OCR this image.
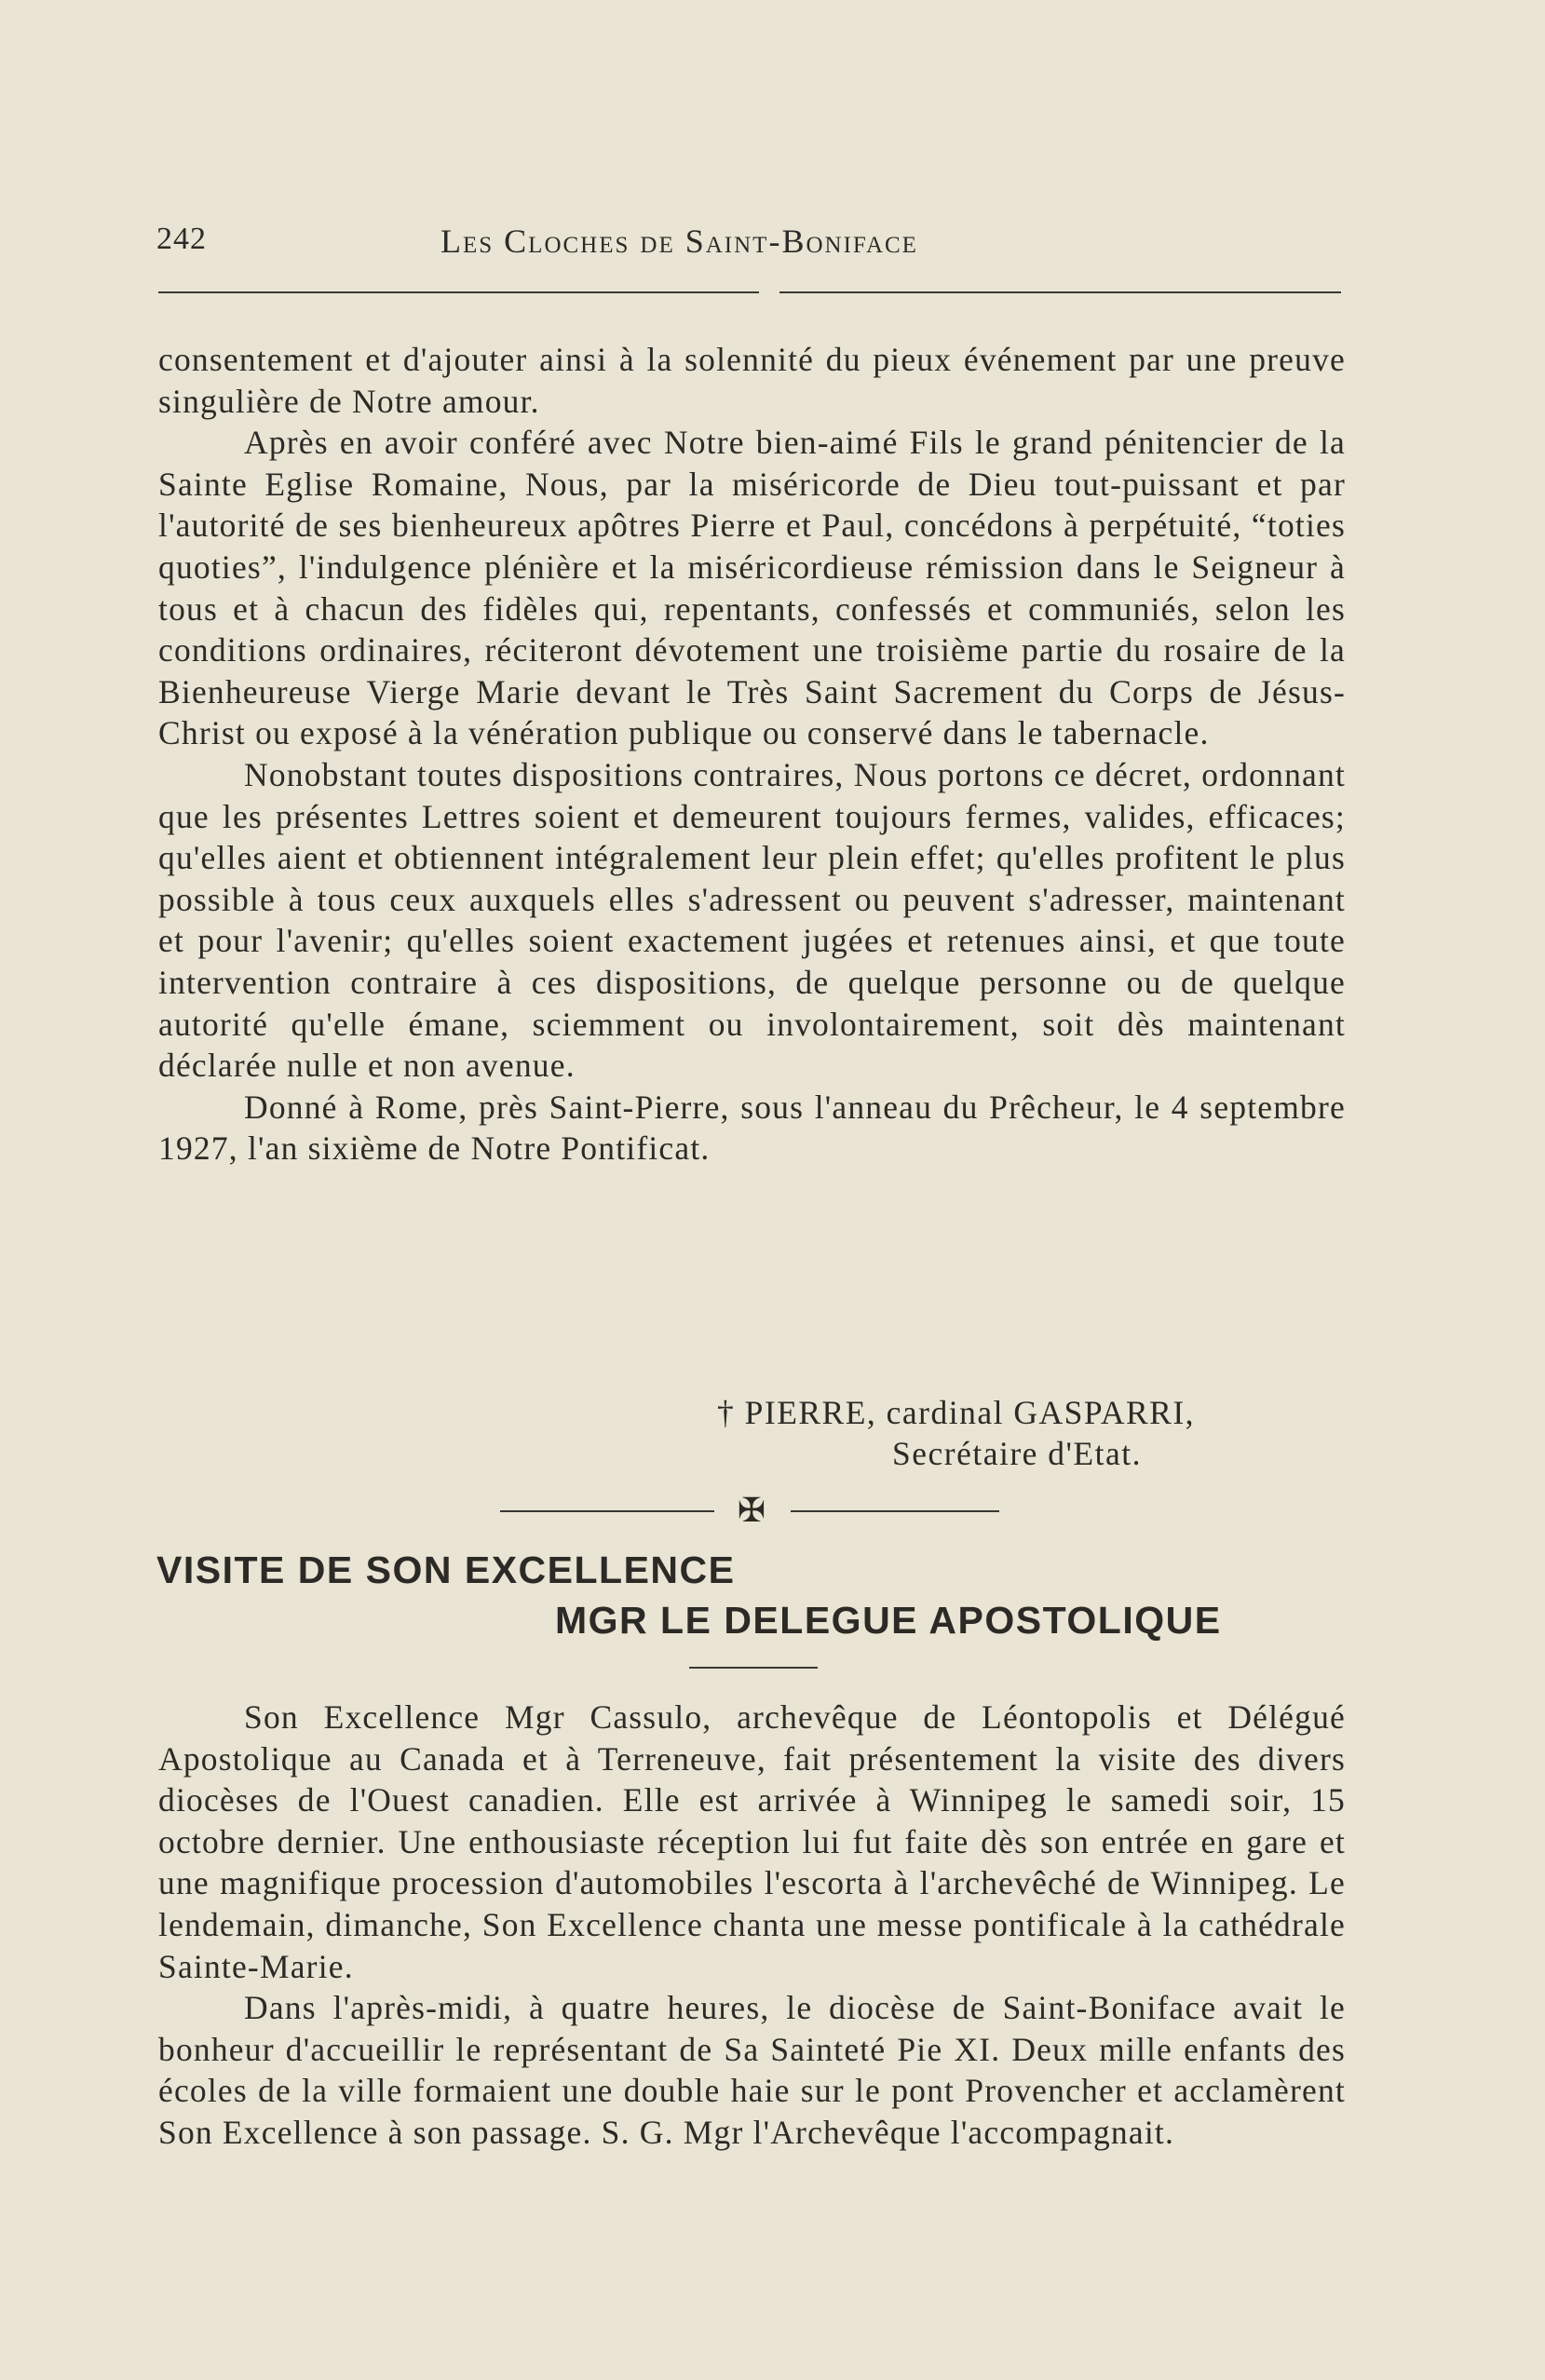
242	Les Cloches de Saint-Boniface

consentement et d'ajouter ainsi à la solennité du pieux événement par une preuve singulière de Notre amour.

Après en avoir conféré avec Notre bien-aimé Fils le grand pénitencier de la Sainte Eglise Romaine, Nous, par la miséricorde de Dieu tout-puissant et par l'autorité de ses bienheureux apôtres Pierre et Paul, concédons à perpétuité, “toties quoties”, l'indulgence plénière et la miséricordieuse rémission dans le Seigneur à tous et à chacun des fidèles qui, repentants, confessés et communiés, selon les conditions ordinaires, réciteront dévotement une troisième partie du rosaire de la Bienheureuse Vierge Marie devant le Très Saint Sacrement du Corps de Jésus-Christ ou exposé à la vénération publique ou conservé dans le tabernacle.

Nonobstant toutes dispositions contraires, Nous portons ce décret, ordonnant que les présentes Lettres soient et demeurent toujours fermes, valides, efficaces; qu'elles aient et obtiennent intégralement leur plein effet; qu'elles profitent le plus possible à tous ceux auxquels elles s'adressent ou peuvent s'adresser, maintenant et pour l'avenir; qu'elles soient exactement jugées et retenues ainsi, et que toute intervention contraire à ces dispositions, de quelque personne ou de quelque autorité qu'elle émane, sciemment ou involontairement, soit dès maintenant déclarée nulle et non avenue.

Donné à Rome, près Saint-Pierre, sous l'anneau du Prêcheur, le 4 septembre 1927, l'an sixième de Notre Pontificat.

† PIERRE, cardinal GASPARRI,
Secrétaire d'Etat.
✠
VISITE DE SON EXCELLENCE
MGR LE DELEGUE APOSTOLIQUE

Son Excellence Mgr Cassulo, archevêque de Léontopolis et Délégué Apostolique au Canada et à Terreneuve, fait présentement la visite des divers diocèses de l'Ouest canadien. Elle est arrivée à Winnipeg le samedi soir, 15 octobre dernier. Une enthousiaste réception lui fut faite dès son entrée en gare et une magnifique procession d'automobiles l'escorta à l'archevêché de Winnipeg. Le lendemain, dimanche, Son Excellence chanta une messe pontificale à la cathédrale Sainte-Marie.

Dans l'après-midi, à quatre heures, le diocèse de Saint-Boniface avait le bonheur d'accueillir le représentant de Sa Sainteté Pie XI. Deux mille enfants des écoles de la ville formaient une double haie sur le pont Provencher et acclamèrent Son Excellence à son passage. S. G. Mgr l'Archevêque l'accompagnait.
